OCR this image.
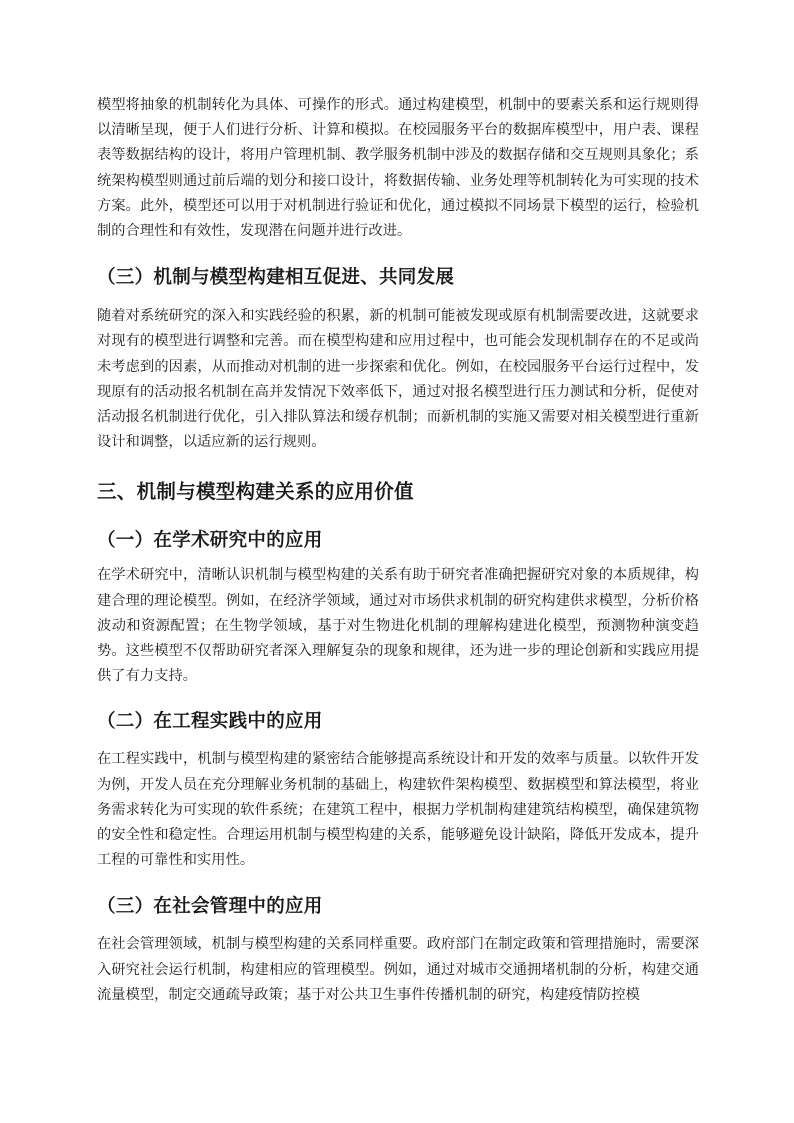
模型将抽象的机制转化为具体、可操作的形式。通过构建模型，机制中的要素关系和运行规则得以清晰呈现，便于人们进行分析、计算和模拟。在校园服务平台的数据库模型中，用户表、课程表等数据结构的设计，将用户管理机制、教学服务机制中涉及的数据存储和交互规则具象化；系统架构模型则通过前后端的划分和接口设计，将数据传输、业务处理等机制转化为可实现的技术方案。此外，模型还可以用于对机制进行验证和优化，通过模拟不同场景下模型的运行，检验机制的合理性和有效性，发现潜在问题并进行改进。

（三）机制与模型构建相互促进、共同发展

随着对系统研究的深入和实践经验的积累，新的机制可能被发现或原有机制需要改进，这就要求对现有的模型进行调整和完善。而在模型构建和应用过程中，也可能会发现机制存在的不足或尚未考虑到的因素，从而推动对机制的进一步探索和优化。例如，在校园服务平台运行过程中，发现原有的活动报名机制在高并发情况下效率低下，通过对报名模型进行压力测试和分析，促使对活动报名机制进行优化，引入排队算法和缓存机制；而新机制的实施又需要对相关模型进行重新设计和调整，以适应新的运行规则。

三、机制与模型构建关系的应用价值
（一）在学术研究中的应用

在学术研究中，清晰认识机制与模型构建的关系有助于研究者准确把握研究对象的本质规律，构建合理的理论模型。例如，在经济学领域，通过对市场供求机制的研究构建供求模型，分析价格波动和资源配置；在生物学领域，基于对生物进化机制的理解构建进化模型，预测物种演变趋势。这些模型不仅帮助研究者深入理解复杂的现象和规律，还为进一步的理论创新和实践应用提供了有力支持。

（二）在工程实践中的应用

在工程实践中，机制与模型构建的紧密结合能够提高系统设计和开发的效率与质量。以软件开发为例，开发人员在充分理解业务机制的基础上，构建软件架构模型、数据模型和算法模型，将业务需求转化为可实现的软件系统；在建筑工程中，根据力学机制构建建筑结构模型，确保建筑物的安全性和稳定性。合理运用机制与模型构建的关系，能够避免设计缺陷，降低开发成本，提升工程的可靠性和实用性。

（三）在社会管理中的应用

在社会管理领域，机制与模型构建的关系同样重要。政府部门在制定政策和管理措施时，需要深入研究社会运行机制，构建相应的管理模型。例如，通过对城市交通拥堵机制的分析，构建交通流量模型，制定交通疏导政策；基于对公共卫生事件传播机制的研究，构建疫情防控模
